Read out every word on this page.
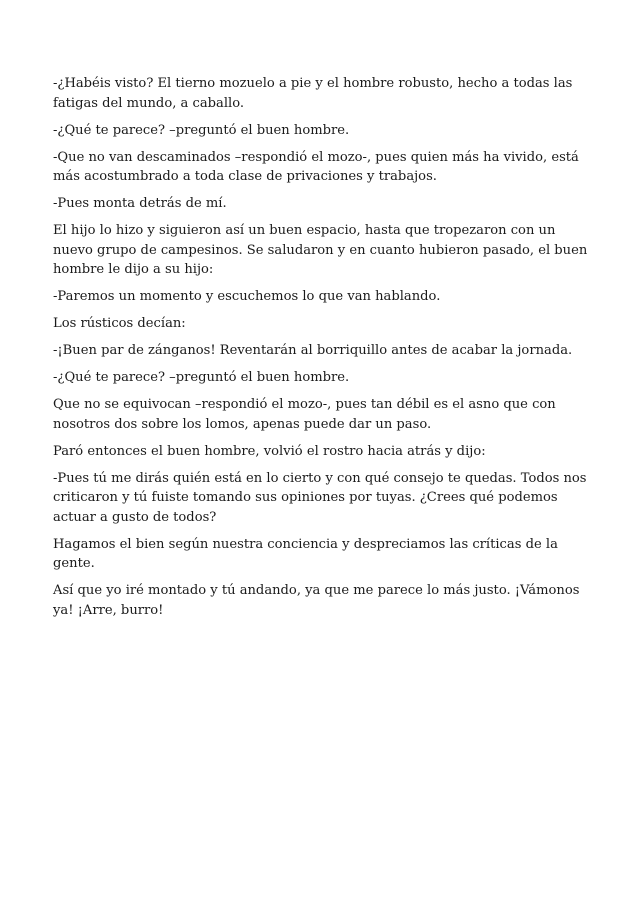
-¿Habéis visto? El tierno mozuelo a pie y el hombre robusto, hecho a todas las fatigas del mundo, a caballo.

-¿Qué te parece? –preguntó el buen hombre.

-Que no van descaminados –respondió el mozo-, pues quien más ha vivido, está más acostumbrado a toda clase de privaciones y trabajos.

-Pues monta detrás de mí.

El hijo lo hizo y siguieron así un buen espacio, hasta que tropezaron con un nuevo grupo de campesinos. Se saludaron y en cuanto hubieron pasado, el buen hombre le dijo a su hijo:

-Paremos un momento y escuchemos lo que van hablando.

Los rústicos decían:

-¡Buen par de zánganos! Reventarán al borriquillo antes de acabar la jornada.

-¿Qué te parece? –preguntó el buen hombre.

Que no se equivocan –respondió el mozo-, pues tan débil es el asno que con nosotros dos sobre los lomos, apenas puede dar un paso.

Paró entonces el buen hombre, volvió el rostro hacia atrás y dijo:

-Pues tú me dirás quién está en lo cierto y con qué consejo te quedas. Todos nos criticaron y tú fuiste tomando sus opiniones por tuyas. ¿Crees qué podemos actuar a gusto de todos?

Hagamos el bien según nuestra conciencia y despreciamos las críticas de la gente.

Así que yo iré montado y tú andando, ya que me parece lo más justo. ¡Vámonos ya! ¡Arre, burro!
